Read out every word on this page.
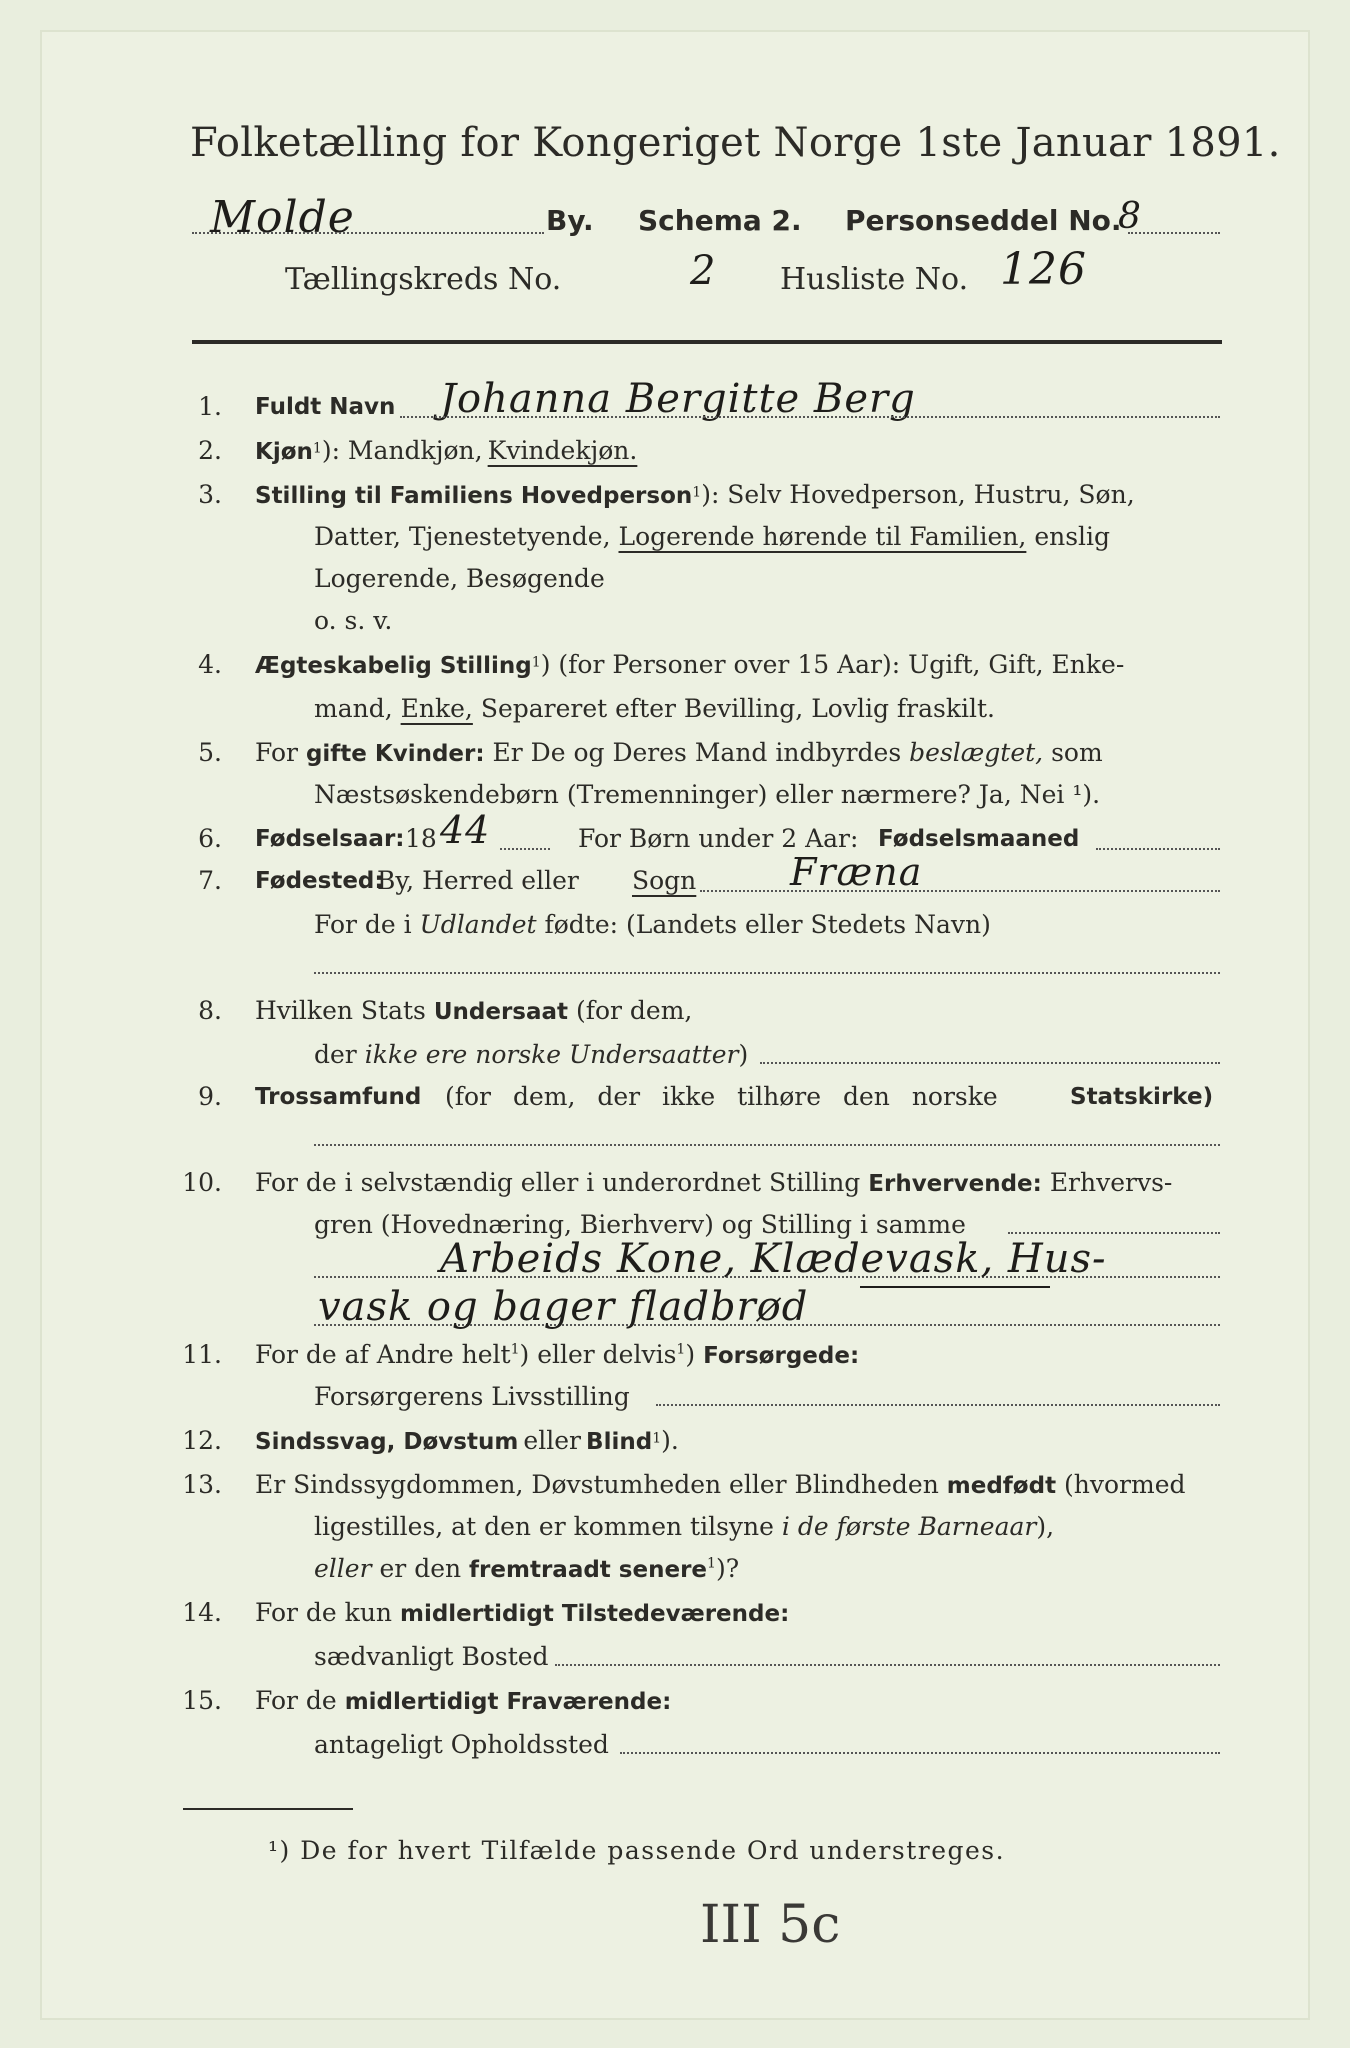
Folketælling for Kongeriget Norge 1ste Januar 1891.
Molde	By. Schema 2. Personseddel No.
8
Tællingskreds No.	2 Husliste No. 126
1. Fuldt Navn Johanna Bergitte Berg
2. Kjøn$^1$): Mandkjøn, Kvindekjøn.
3. Stilling til Familiens Hovedperson$^1$): Selv Hovedperson, Hustru, Søn,
Datter, Tjenestetyende, Logerende hørende til Familien, enslig
Logerende, Besøgende
o. s. v.
4. Ægteskabelig Stilling$^1$) (for Personer over 15 Aar): Ugift, Gift, Enke-
mand, Enke, Separeret efter Bevilling, Lovlig fraskilt.
5. For gifte Kvinder: Er De og Deres Mand indbyrdes beslægtet, som
Næstsøskendebørn (Tremenninger) eller nærmere? Ja, Nei ¹).
6. Fødselsaar: 18 44	For Børn under 2 Aar: Fødselsmaaned
7. Fødested:
By, Herred eller Sogn Fræna
For de i Udlandet fødte: (Landets eller Stedets Navn)
8. Hvilken Stats Undersaat (for dem,
der ikke ere norske Undersaatter)
9. Trossamfund (for dem, der ikke tilhøre den norske	Statskirke)
10. For de i selvstændig eller i underordnet Stilling Erhvervende: Erhvervs-
gren (Hovednæring, Bierhverv) og Stilling i samme
Arbeids Kone, Klædevask, Hus-
vask og bager fladbrød
11. For de af Andre helt$^1$) eller delvis$^1$) Forsørgede:
Forsørgerens Livsstilling
12. Sindssvag, Døvstum eller Blind$^1$).
13. Er Sindssygdommen, Døvstumheden eller Blindheden medfødt (hvormed
ligestilles, at den er kommen tilsyne i de første Barneaar),
eller er den fremtraadt senere$^1$)?
14. For de kun midlertidigt Tilstedeværende:
sædvanligt Bosted
15. For de midlertidigt Fraværende:
antageligt Opholdssted
¹) De for hvert Tilfælde passende Ord understreges.
III 5c
